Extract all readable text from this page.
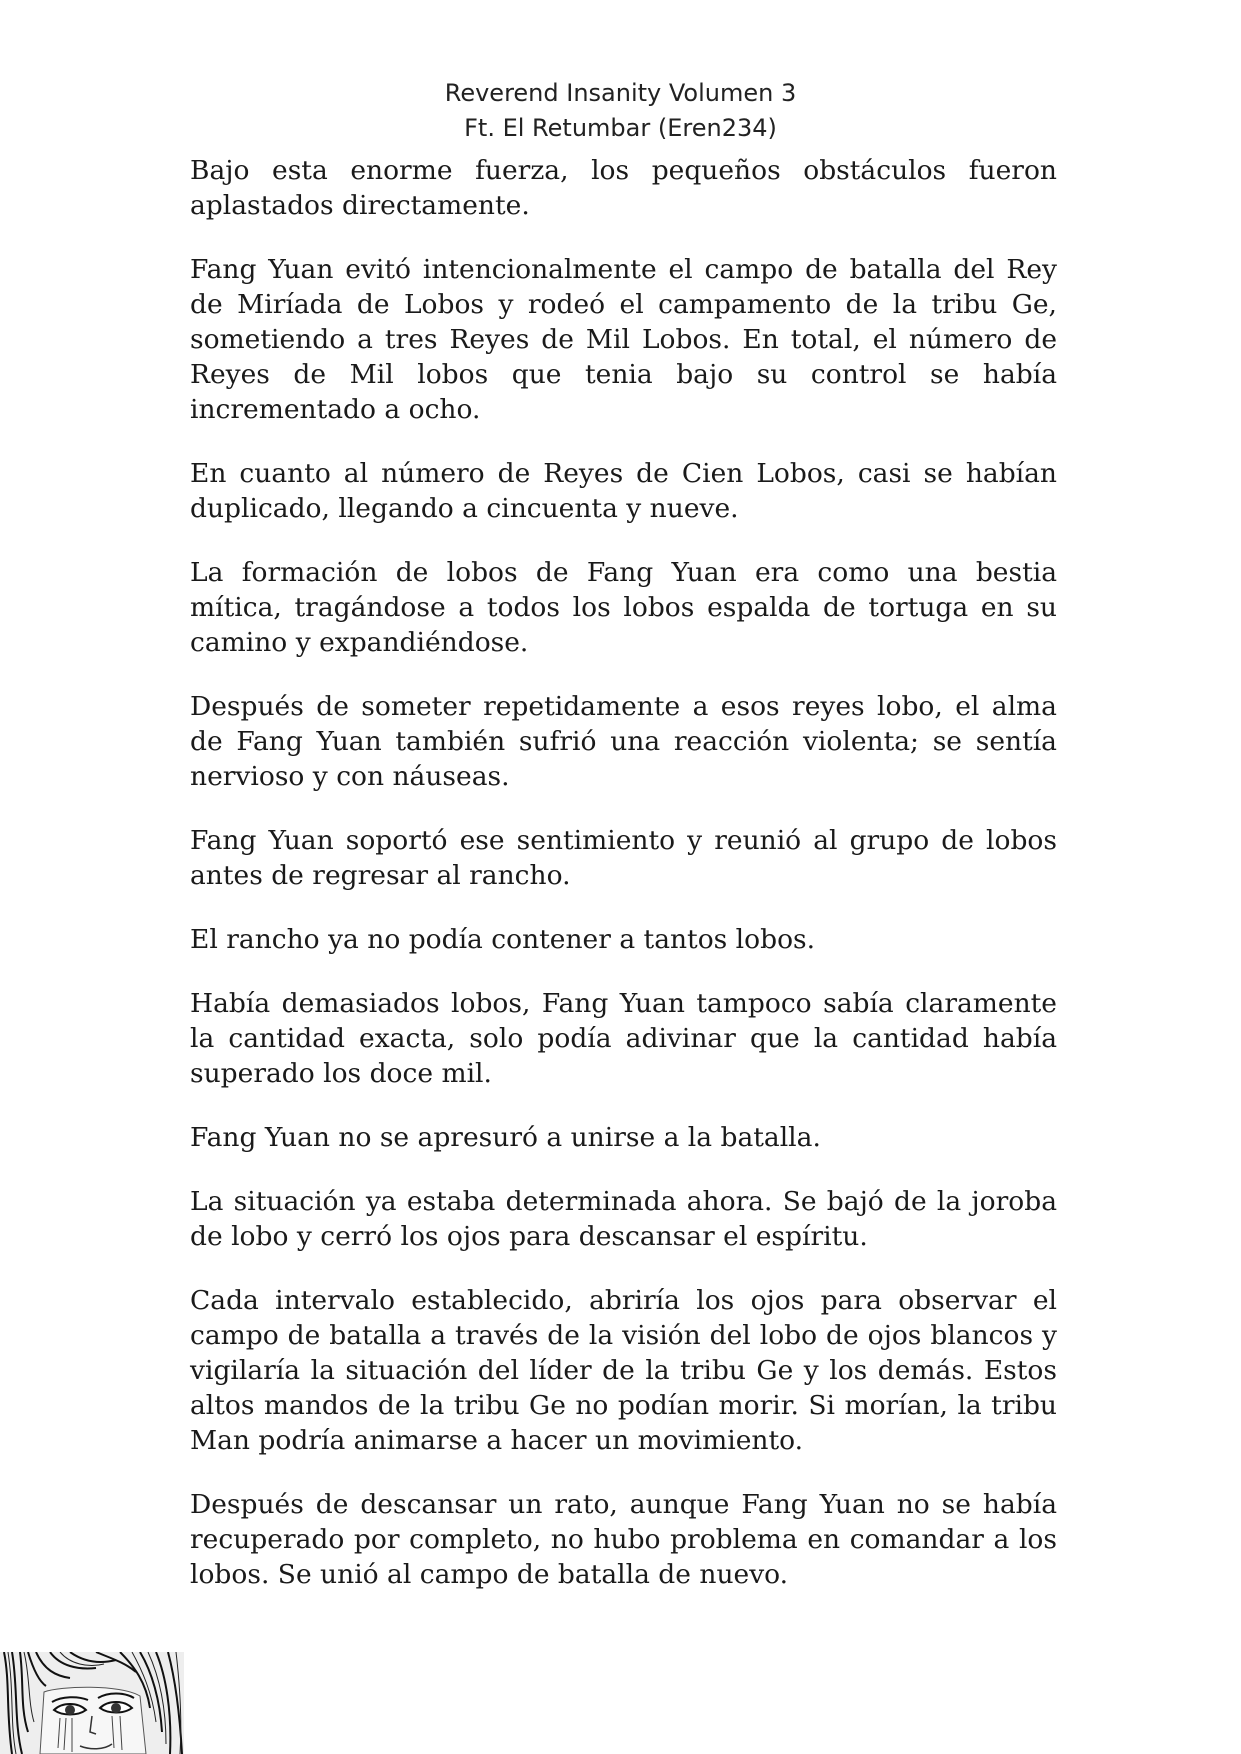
Reverend Insanity Volumen 3
Ft. El Retumbar (Eren234)

Bajo esta enorme fuerza, los pequeños obstáculos fueron aplastados directamente.

Fang Yuan evitó intencionalmente el campo de batalla del Rey de Miríada de Lobos y rodeó el campamento de la tribu Ge, sometiendo a tres Reyes de Mil Lobos. En total, el número de Reyes de Mil lobos que tenia bajo su control se había incrementado a ocho.

En cuanto al número de Reyes de Cien Lobos, casi se habían duplicado, llegando a cincuenta y nueve.

La formación de lobos de Fang Yuan era como una bestia mítica, tragándose a todos los lobos espalda de tortuga en su camino y expandiéndose.

Después de someter repetidamente a esos reyes lobo, el alma de Fang Yuan también sufrió una reacción violenta; se sentía nervioso y con náuseas.

Fang Yuan soportó ese sentimiento y reunió al grupo de lobos antes de regresar al rancho.

El rancho ya no podía contener a tantos lobos.

Había demasiados lobos, Fang Yuan tampoco sabía claramente la cantidad exacta, solo podía adivinar que la cantidad había superado los doce mil.

Fang Yuan no se apresuró a unirse a la batalla.

La situación ya estaba determinada ahora. Se bajó de la joroba de lobo y cerró los ojos para descansar el espíritu.

Cada intervalo establecido, abriría los ojos para observar el campo de batalla a través de la visión del lobo de ojos blancos y vigilaría la situación del líder de la tribu Ge y los demás. Estos altos mandos de la tribu Ge no podían morir. Si morían, la tribu Man podría animarse a hacer un movimiento.

Después de descansar un rato, aunque Fang Yuan no se había recuperado por completo, no hubo problema en comandar a los lobos. Se unió al campo de batalla de nuevo.
